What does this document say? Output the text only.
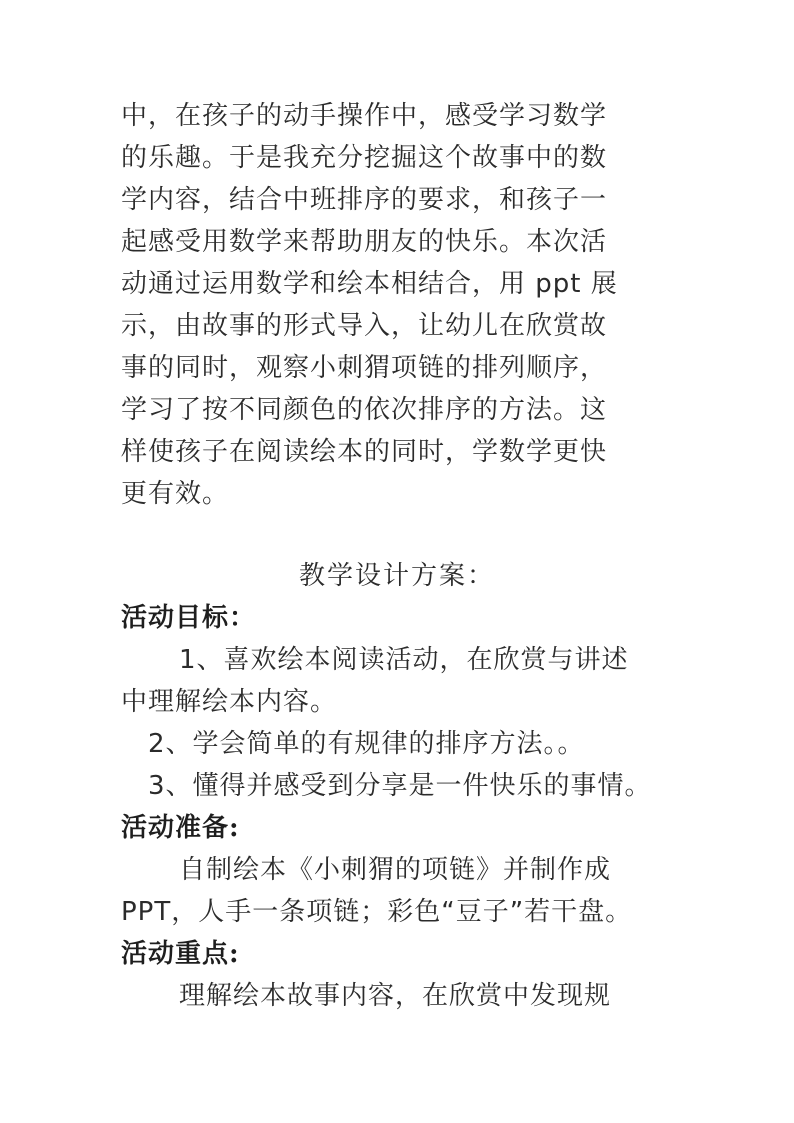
中，在孩子的动手操作中，感受学习数学
的乐趣。于是我充分挖掘这个故事中的数
学内容，结合中班排序的要求，和孩子一
起感受用数学来帮助朋友的快乐。本次活
动通过运用数学和绘本相结合，用 ppt 展
示，由故事的形式导入，让幼儿在欣赏故
事的同时，观察小刺猬项链的排列顺序，
学习了按不同颜色的依次排序的方法。这
样使孩子在阅读绘本的同时，学数学更快
更有效。
教学设计方案：
活动目标：
1、喜欢绘本阅读活动，在欣赏与讲述
中理解绘本内容。
2、学会简单的有规律的排序方法。。
3、懂得并感受到分享是一件快乐的事情。
活动准备:
自制绘本《小刺猬的项链》并制作成
PPT，人手一条项链；彩色“豆子”若干盘。
活动重点:
理解绘本故事内容，在欣赏中发现规
